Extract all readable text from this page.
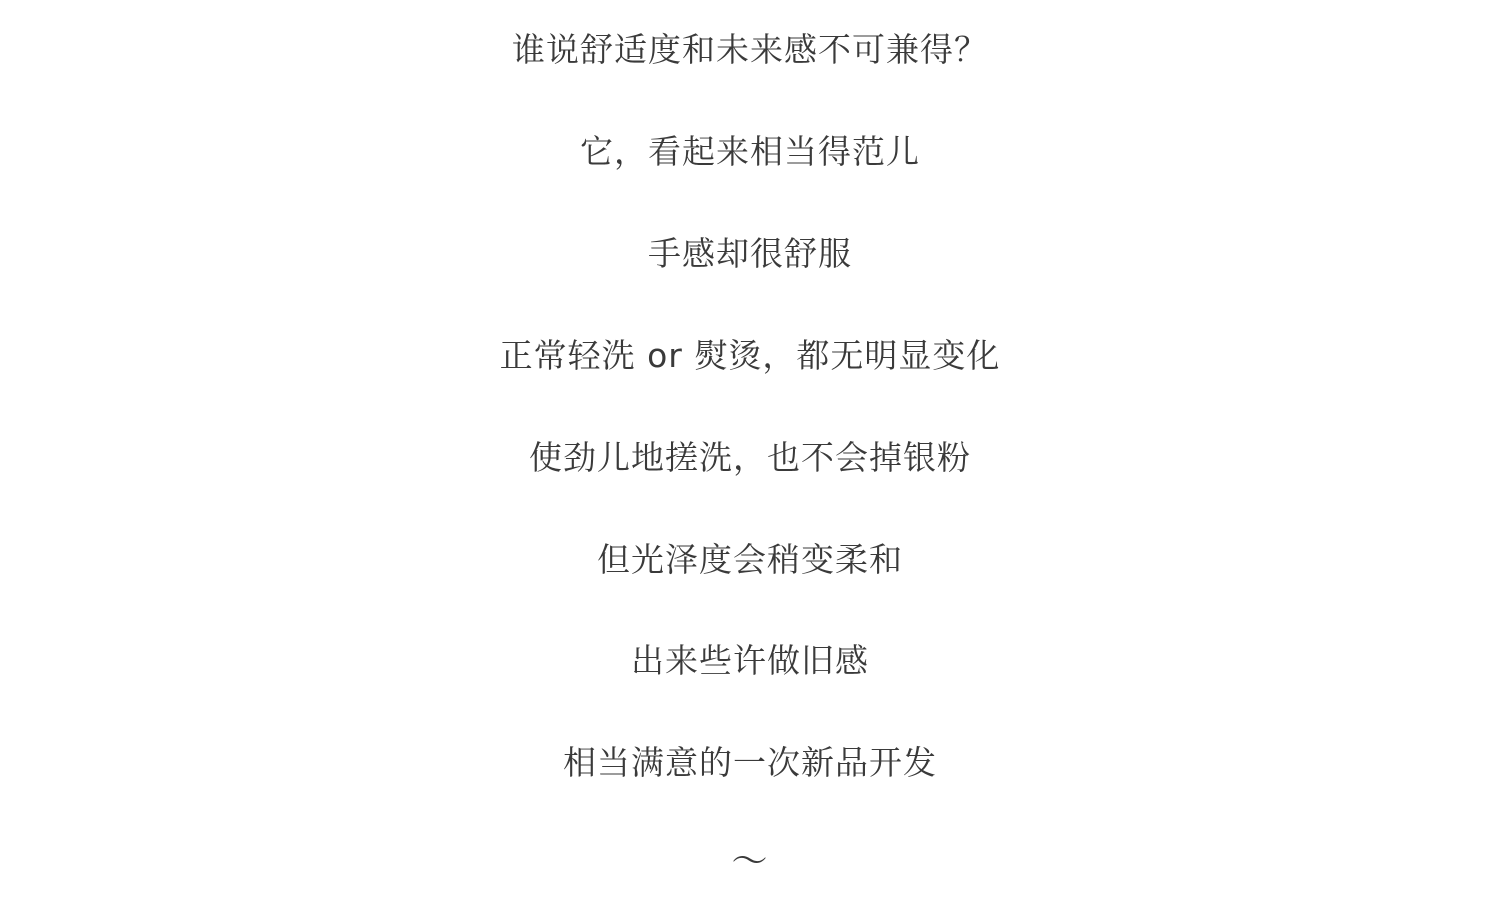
谁说舒适度和未来感不可兼得？

它，看起来相当得范儿

手感却很舒服

正常轻洗 or 熨烫，都无明显变化

使劲儿地搓洗，也不会掉银粉

但光泽度会稍变柔和

出来些许做旧感

相当满意的一次新品开发

～
